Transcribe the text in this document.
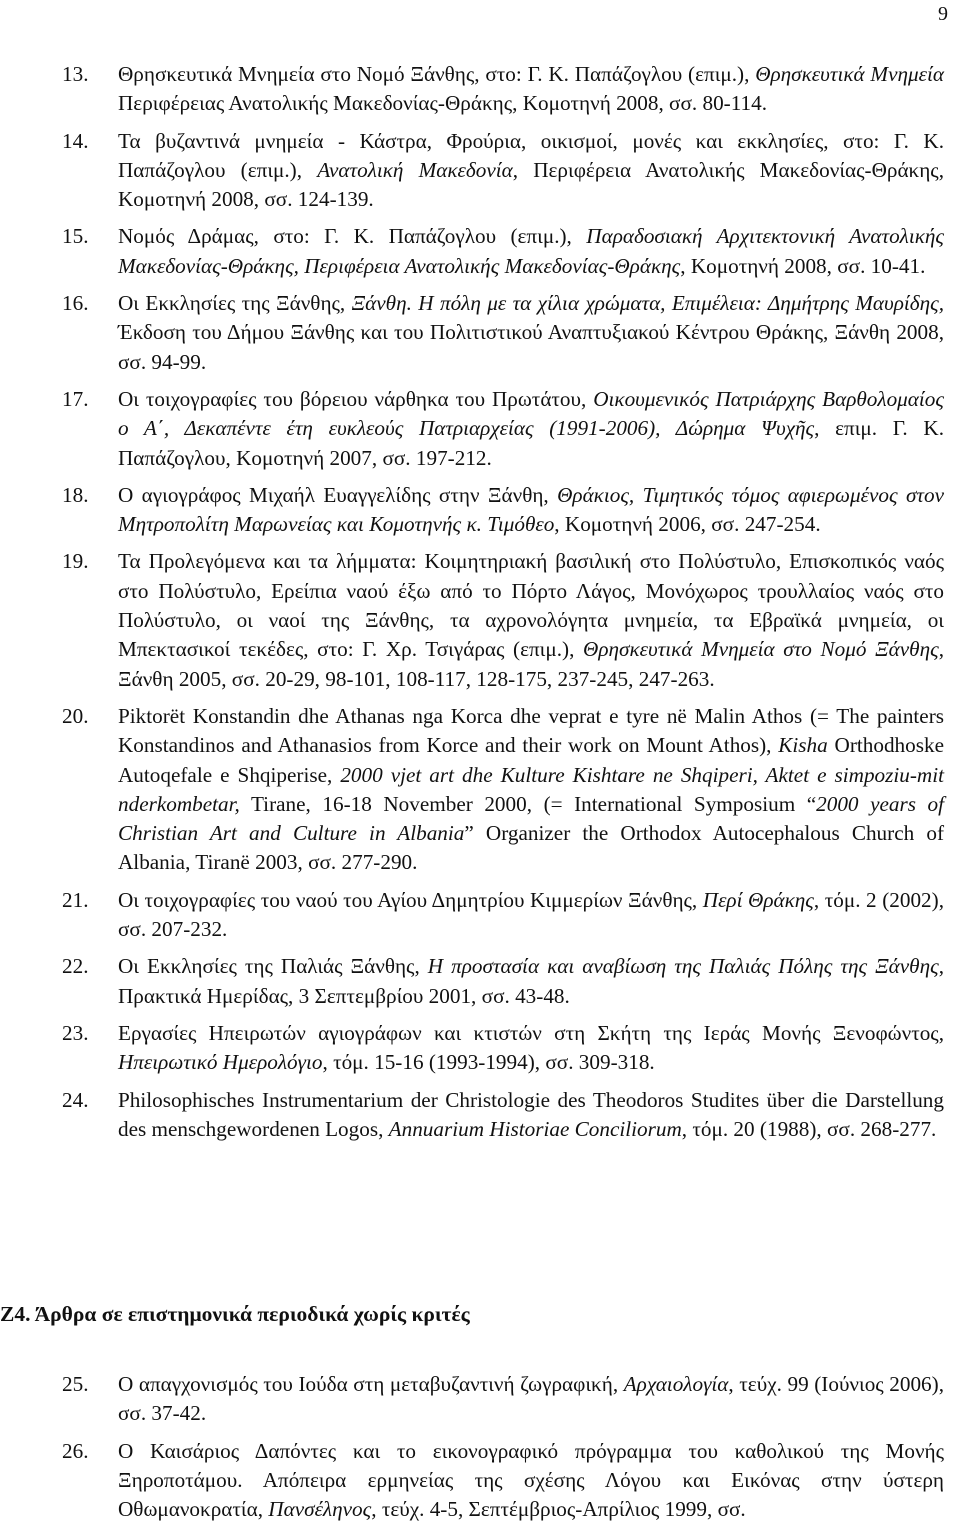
9
13.	Θρησκευτικά Μνημεία στο Νομό Ξάνθης, στο: Γ. Κ. Παπάζογλου (επιμ.), Θρησκευτικά Μνημεία Περιφέρειας Ανατολικής Μακεδονίας-Θράκης, Κομοτηνή 2008, σσ. 80-114.
14.	Τα βυζαντινά μνημεία - Κάστρα, Φρούρια, οικισμοί, μονές και εκκλησίες, στο: Γ. Κ. Παπάζογλου (επιμ.), Ανατολική Μακεδονία, Περιφέρεια Ανατολικής Μακεδονίας-Θράκης, Κομοτηνή 2008, σσ. 124-139.
15.	Νομός Δράμας, στο: Γ. Κ. Παπάζογλου (επιμ.), Παραδοσιακή Αρχιτεκτονική Ανατολικής Μακεδονίας-Θράκης, Περιφέρεια Ανατολικής Μακεδονίας-Θράκης, Κομοτηνή 2008, σσ. 10-41.
16.	Οι Εκκλησίες της Ξάνθης, Ξάνθη. Η πόλη με τα χίλια χρώματα, Επιμέλεια: Δημήτρης Μαυρίδης, Έκδοση του Δήμου Ξάνθης και του Πολιτιστικού Αναπτυξιακού Κέντρου Θράκης, Ξάνθη 2008, σσ. 94-99.
17.	Οι τοιχογραφίες του βόρειου νάρθηκα του Πρωτάτου, Οικουμενικός Πατριάρχης Βαρθολομαίος ο Α΄, Δεκαπέντε έτη ευκλεούς Πατριαρχείας (1991-2006), Δώρημα Ψυχῆς, επιμ. Γ. Κ. Παπάζογλου, Κομοτηνή 2007, σσ. 197-212.
18.	Ο αγιογράφος Μιχαήλ Ευαγγελίδης στην Ξάνθη, Θράκιος, Τιμητικός τόμος αφιερωμένος στον Μητροπολίτη Μαρωνείας και Κομοτηνής κ. Τιμόθεο, Κομοτηνή 2006, σσ. 247-254.
19.	Τα Προλεγόμενα και τα λήμματα: Κοιμητηριακή βασιλική στο Πολύστυλο, Επισκοπικός ναός στο Πολύστυλο, Ερείπια ναού έξω από το Πόρτο Λάγος, Μονόχωρος τρουλλαίος ναός στο Πολύστυλο, οι ναοί της Ξάνθης, τα αχρονολόγητα μνημεία, τα Εβραϊκά μνημεία, οι Μπεκτασικοί τεκέδες, στο: Γ. Χρ. Τσιγάρας (επιμ.), Θρησκευτικά Μνημεία στο Νομό Ξάνθης, Ξάνθη 2005, σσ. 20-29, 98-101, 108-117, 128-175, 237-245, 247-263.
20.	Piktorët Konstandin dhe Athanas nga Korca dhe veprat e tyre në Malin Athos (= The painters Konstandinos and Athanasios from Korce and their work on Mount Athos), Kisha Orthodhoske Autoqefale e Shqiperise, 2000 vjet art dhe Kulture Kishtare ne Shqiperi, Aktet e simpoziu-mit nderkombetar, Tirane, 16-18 November 2000, (= International Symposium “2000 years of Christian Art and Culture in Albania” Organizer the Orthodox Autocephalous Church of Albania, Tiranë 2003, σσ. 277-290.
21.	Οι τοιχογραφίες του ναού του Αγίου Δημητρίου Κιμμερίων Ξάνθης, Περί Θράκης, τόμ. 2 (2002), σσ. 207-232.
22.	Οι Εκκλησίες της Παλιάς Ξάνθης, Η προστασία και αναβίωση της Παλιάς Πόλης της Ξάνθης, Πρακτικά Ημερίδας, 3 Σεπτεμβρίου 2001, σσ. 43-48.
23.	Εργασίες Ηπειρωτών αγιογράφων και κτιστών στη Σκήτη της Ιεράς Μονής Ξενοφώντος, Ηπειρωτικό Ημερολόγιο, τόμ. 15-16 (1993-1994), σσ. 309-318.
24.	Philosophisches Instrumentarium der Christologie des Theodoros Studites über die Darstellung des menschgewordenen Logos, Annuarium Historiae Conciliorum, τόμ. 20 (1988), σσ. 268-277.
Ζ4. Άρθρα σε επιστημονικά περιοδικά χωρίς κριτές
25.	Ο απαγχονισμός του Ιούδα στη μεταβυζαντινή ζωγραφική, Αρχαιολογία, τεύχ. 99 (Ιούνιος 2006), σσ. 37-42.
26.	Ο Καισάριος Δαπόντες και το εικονογραφικό πρόγραμμα του καθολικού της Μονής Ξηροποτάμου. Απόπειρα ερμηνείας της σχέσης Λόγου και Εικόνας στην ύστερη Οθωμανοκρατία, Πανσέληνος, τεύχ. 4-5, Σεπτέμβριος-Απρίλιος 1999, σσ.
